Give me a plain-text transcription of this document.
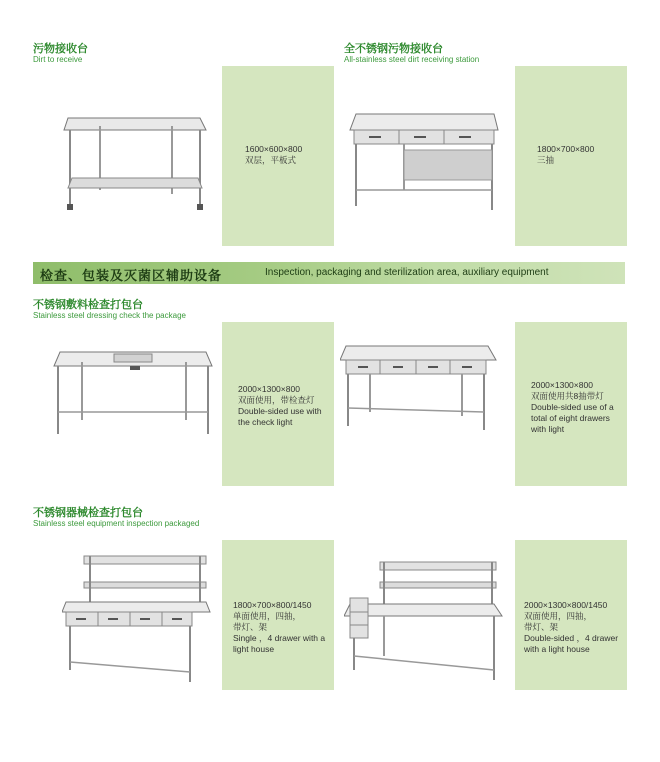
污物接收台
Dirt to receive
全不锈钢污物接收台
All-stainless steel dirt receiving station
1600×600×800
双层，平板式
1800×700×800
三抽
检查、包装及灭菌区辅助设备	Inspection, packaging and sterilization area, auxiliary equipment
不锈钢敷料检查打包台
Stainless steel dressing check the package
2000×1300×800
双面使用，带检查灯
Double-sided use with
the check light
2000×1300×800
双面使用共8抽带灯
Double-sided use of a
total of eight drawers
with light
不锈钢器械检查打包台
Stainless steel equipment inspection packaged
1800×700×800/1450
单面使用，四抽，
带灯、架
Single ，4 drawer with a
light house
2000×1300×800/1450
双面使用，四抽，
带灯、架
Double-sided ，4 drawer
with a light house
